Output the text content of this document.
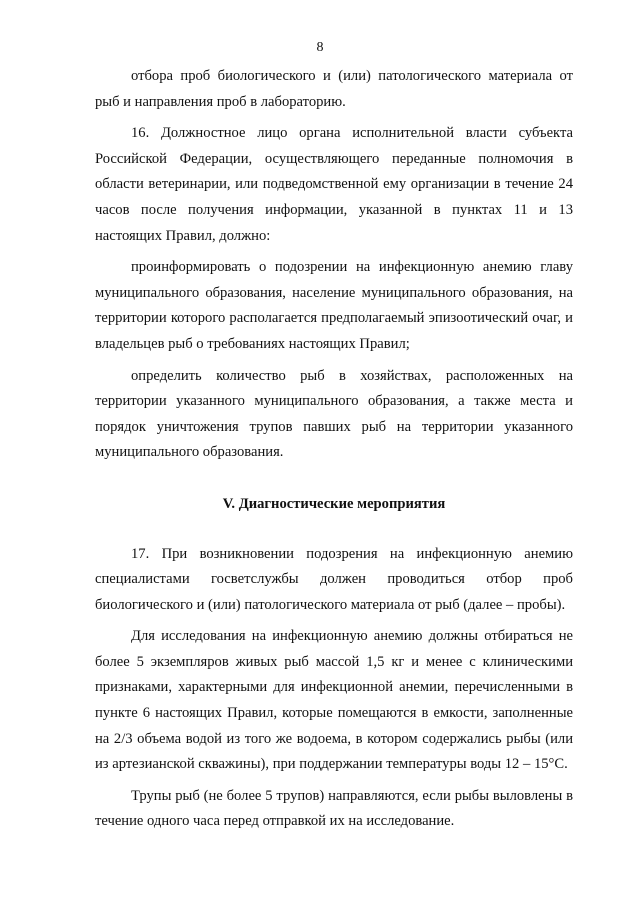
8

отбора проб биологического и (или) патологического материала от рыб и направления проб в лабораторию.

16. Должностное лицо органа исполнительной власти субъекта Российской Федерации, осуществляющего переданные полномочия в области ветеринарии, или подведомственной ему организации в течение 24 часов после получения информации, указанной в пунктах 11 и 13 настоящих Правил, должно:

проинформировать о подозрении на инфекционную анемию главу муниципального образования, население муниципального образования, на территории которого располагается предполагаемый эпизоотический очаг, и владельцев рыб о требованиях настоящих Правил;

определить количество рыб в хозяйствах, расположенных на территории указанного муниципального образования, а также места и порядок уничтожения трупов павших рыб на территории указанного муниципального образования.

V. Диагностические мероприятия

17. При возникновении подозрения на инфекционную анемию специалистами госветслужбы должен проводиться отбор проб биологического и (или) патологического материала от рыб (далее – пробы).

Для исследования на инфекционную анемию должны отбираться не более 5 экземпляров живых рыб массой 1,5 кг и менее с клиническими признаками, характерными для инфекционной анемии, перечисленными в пункте 6 настоящих Правил, которые помещаются в емкости, заполненные на 2/3 объема водой из того же водоема, в котором содержались рыбы (или из артезианской скважины), при поддержании температуры воды 12 – 15°С.

Трупы рыб (не более 5 трупов) направляются, если рыбы выловлены в течение одного часа перед отправкой их на исследование.
